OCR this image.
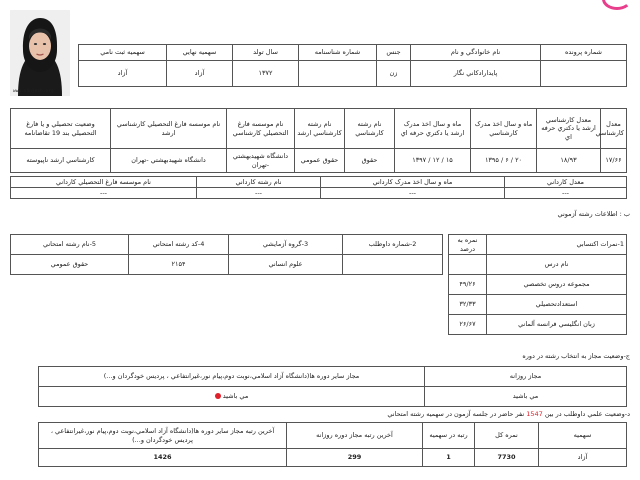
www.sanjesh.org
شماره پرونده	نام خانوادگي و نام	جنس	شماره شناسنامه	سال تولد	سهميه نهايي	سهميه ثبت نامي
	پايدارادکاني نگار	زن		۱۳۷۲	آزاد	آزاد
معدل کارشناسي	معدل کارشناسي ارشد يا دکتري حرفه اي	ماه و سال اخذ مدرک کارشناسي	ماه و سال اخذ مدرک ارشد يا دکتري حرفه اي	نام رشته کارشناسي	نام رشته کارشناسي ارشد	نام موسسه فارغ التحصيلي کارشناسي	نام موسسه فارغ التحصيلي کارشناسي ارشد	وضعيت تحصيلي و يا فارغ التحصيلي بند 19 تقاضانامه
۱۷/۶۶	۱۸/۹۳	۲۰ / ۶ / ۱۳۹۵	۱۵ / ۱۲ / ۱۳۹۷	حقوق	حقوق عمومي	دانشگاه شهيدبهشتي -تهران	دانشگاه شهيدبهشتي -تهران	کارشناسي ارشد ناپيوسته
معدل کارداني	ماه و سال اخذ مدرک کارداني	نام رشته کارداني	نام موسسه فارغ التحصيلي کارداني
---	---	---	---
ب : اطلاعات رشته آزموني
1-نمرات اکتسابي	نمره به درصد
نام درس	
مجموعه دروس تخصصي	۴۹/۲۶
استعدادتحصيلي	۳۲/۳۳
زبان انگليسي فرانسه آلماني	۲۶/۶۷
2-شماره داوطلب	3-گروه آزمايشي	4-کد رشته امتحاني	5-نام رشته امتحاني
	علوم انساني	۲۱۵۴	حقوق عمومي
ج-وضعيت مجاز به انتخاب رشته در دوره
مجاز روزانه	مجاز ساير دوره ها(دانشگاه آزاد اسلامي،نوبت دوم،پيام نور،غيرانتفاعي ، پرديس خودگردان و...)
مي باشيد	مي باشيد
د-وضعيت علمي داوطلب در بين 1547 نفر حاضر در جلسه آزمون در سهميه رشته امتحاني
سهميه	نمره کل	رتبه در سهميه	آخرين رتبه مجاز دوره روزانه	آخرين رتبه مجاز ساير دوره ها(دانشگاه آزاد اسلامي،نوبت دوم،پيام نور،غيرانتفاعي ، پرديس خودگردان و...)
آزاد	7730	1	299	1426
